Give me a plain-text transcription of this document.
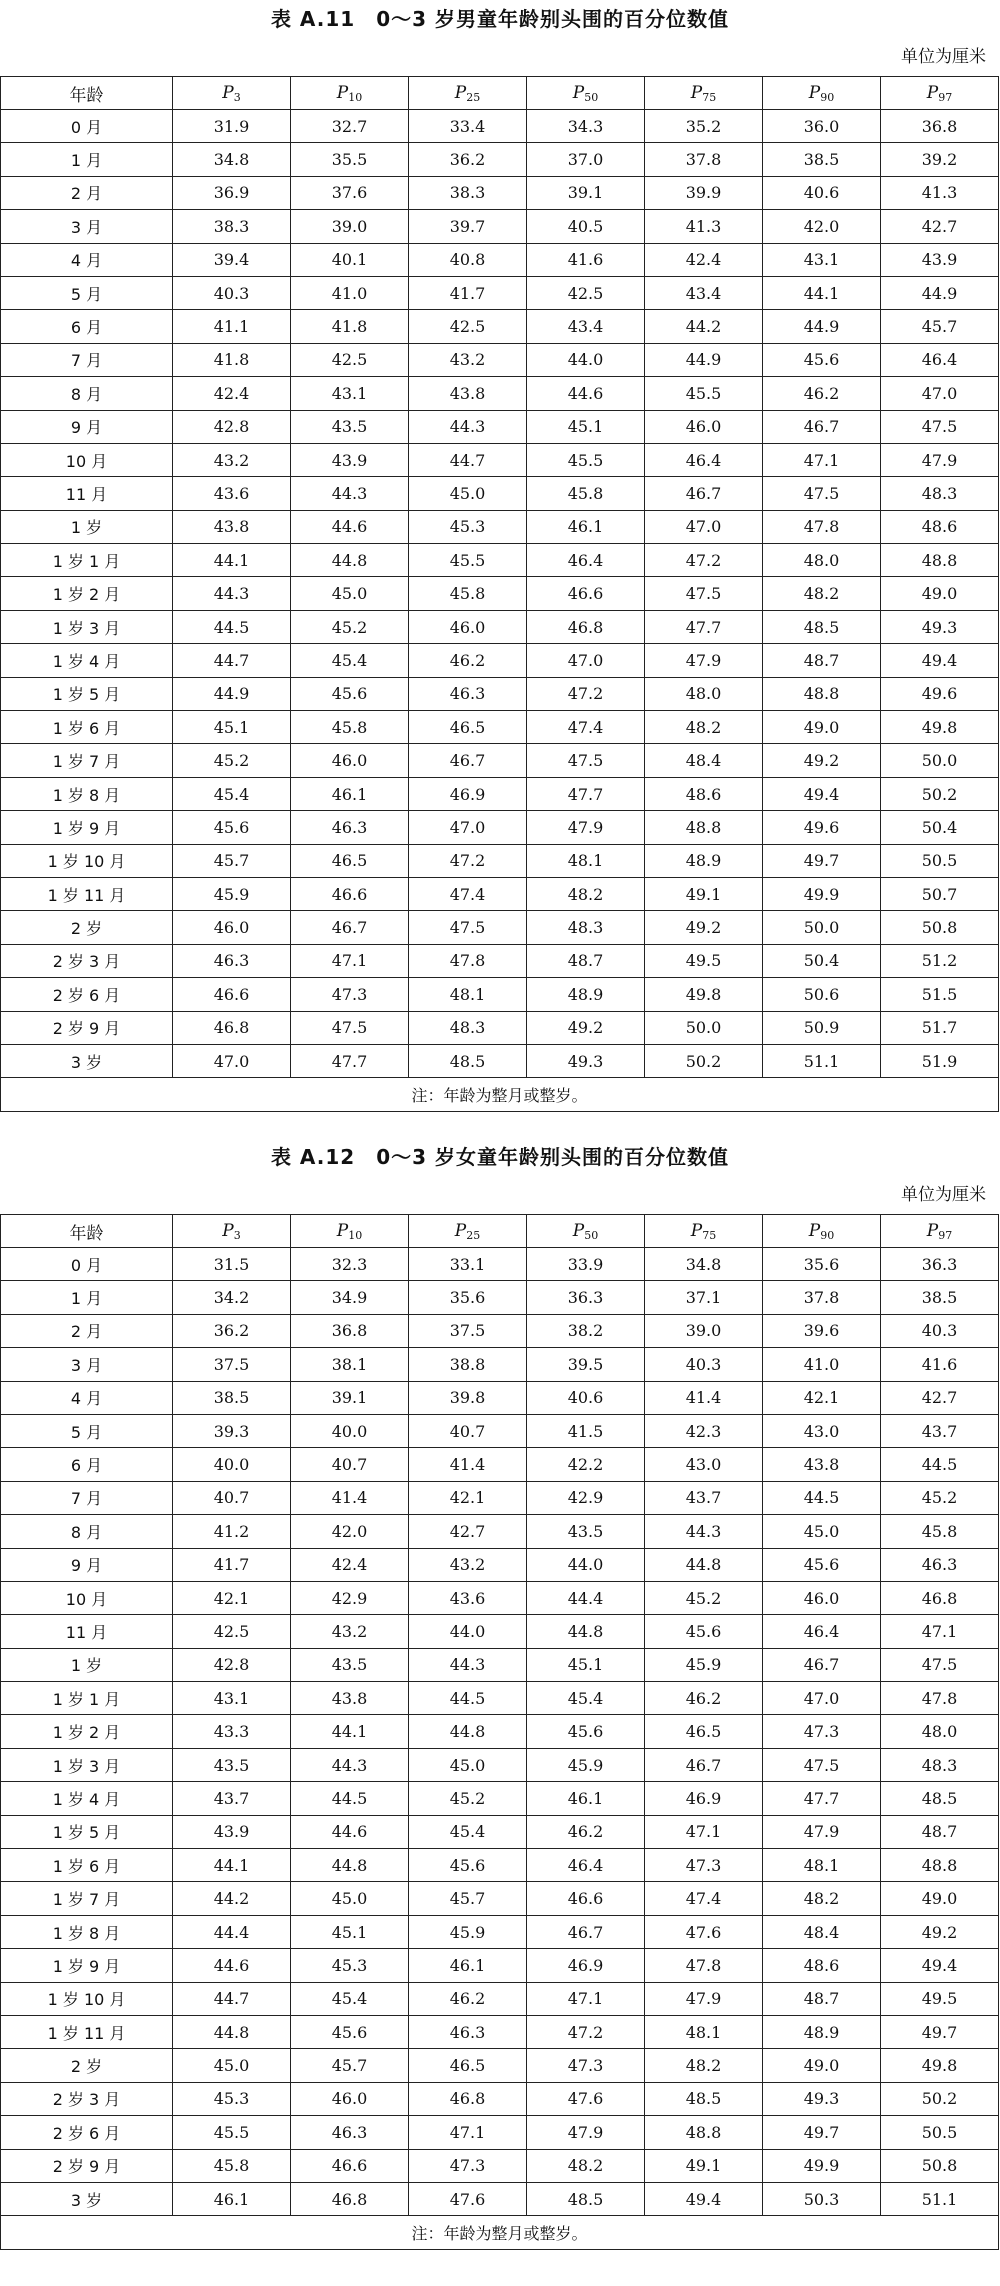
表 A.11　0～3 岁男童年龄别头围的百分位数值
单位为厘米
年龄	$P_3$	$P_{10}$	$P_{25}$	$P_{50}$	$P_{75}$	$P_{90}$	$P_{97}$
0 月	31.9	32.7	33.4	34.3	35.2	36.0	36.8
1 月	34.8	35.5	36.2	37.0	37.8	38.5	39.2
2 月	36.9	37.6	38.3	39.1	39.9	40.6	41.3
3 月	38.3	39.0	39.7	40.5	41.3	42.0	42.7
4 月	39.4	40.1	40.8	41.6	42.4	43.1	43.9
5 月	40.3	41.0	41.7	42.5	43.4	44.1	44.9
6 月	41.1	41.8	42.5	43.4	44.2	44.9	45.7
7 月	41.8	42.5	43.2	44.0	44.9	45.6	46.4
8 月	42.4	43.1	43.8	44.6	45.5	46.2	47.0
9 月	42.8	43.5	44.3	45.1	46.0	46.7	47.5
10 月	43.2	43.9	44.7	45.5	46.4	47.1	47.9
11 月	43.6	44.3	45.0	45.8	46.7	47.5	48.3
1 岁	43.8	44.6	45.3	46.1	47.0	47.8	48.6
1 岁 1 月	44.1	44.8	45.5	46.4	47.2	48.0	48.8
1 岁 2 月	44.3	45.0	45.8	46.6	47.5	48.2	49.0
1 岁 3 月	44.5	45.2	46.0	46.8	47.7	48.5	49.3
1 岁 4 月	44.7	45.4	46.2	47.0	47.9	48.7	49.4
1 岁 5 月	44.9	45.6	46.3	47.2	48.0	48.8	49.6
1 岁 6 月	45.1	45.8	46.5	47.4	48.2	49.0	49.8
1 岁 7 月	45.2	46.0	46.7	47.5	48.4	49.2	50.0
1 岁 8 月	45.4	46.1	46.9	47.7	48.6	49.4	50.2
1 岁 9 月	45.6	46.3	47.0	47.9	48.8	49.6	50.4
1 岁 10 月	45.7	46.5	47.2	48.1	48.9	49.7	50.5
1 岁 11 月	45.9	46.6	47.4	48.2	49.1	49.9	50.7
2 岁	46.0	46.7	47.5	48.3	49.2	50.0	50.8
2 岁 3 月	46.3	47.1	47.8	48.7	49.5	50.4	51.2
2 岁 6 月	46.6	47.3	48.1	48.9	49.8	50.6	51.5
2 岁 9 月	46.8	47.5	48.3	49.2	50.0	50.9	51.7
3 岁	47.0	47.7	48.5	49.3	50.2	51.1	51.9
注：年龄为整月或整岁。							
表 A.12　0～3 岁女童年龄别头围的百分位数值
单位为厘米
年龄	$P_3$	$P_{10}$	$P_{25}$	$P_{50}$	$P_{75}$	$P_{90}$	$P_{97}$
0 月	31.5	32.3	33.1	33.9	34.8	35.6	36.3
1 月	34.2	34.9	35.6	36.3	37.1	37.8	38.5
2 月	36.2	36.8	37.5	38.2	39.0	39.6	40.3
3 月	37.5	38.1	38.8	39.5	40.3	41.0	41.6
4 月	38.5	39.1	39.8	40.6	41.4	42.1	42.7
5 月	39.3	40.0	40.7	41.5	42.3	43.0	43.7
6 月	40.0	40.7	41.4	42.2	43.0	43.8	44.5
7 月	40.7	41.4	42.1	42.9	43.7	44.5	45.2
8 月	41.2	42.0	42.7	43.5	44.3	45.0	45.8
9 月	41.7	42.4	43.2	44.0	44.8	45.6	46.3
10 月	42.1	42.9	43.6	44.4	45.2	46.0	46.8
11 月	42.5	43.2	44.0	44.8	45.6	46.4	47.1
1 岁	42.8	43.5	44.3	45.1	45.9	46.7	47.5
1 岁 1 月	43.1	43.8	44.5	45.4	46.2	47.0	47.8
1 岁 2 月	43.3	44.1	44.8	45.6	46.5	47.3	48.0
1 岁 3 月	43.5	44.3	45.0	45.9	46.7	47.5	48.3
1 岁 4 月	43.7	44.5	45.2	46.1	46.9	47.7	48.5
1 岁 5 月	43.9	44.6	45.4	46.2	47.1	47.9	48.7
1 岁 6 月	44.1	44.8	45.6	46.4	47.3	48.1	48.8
1 岁 7 月	44.2	45.0	45.7	46.6	47.4	48.2	49.0
1 岁 8 月	44.4	45.1	45.9	46.7	47.6	48.4	49.2
1 岁 9 月	44.6	45.3	46.1	46.9	47.8	48.6	49.4
1 岁 10 月	44.7	45.4	46.2	47.1	47.9	48.7	49.5
1 岁 11 月	44.8	45.6	46.3	47.2	48.1	48.9	49.7
2 岁	45.0	45.7	46.5	47.3	48.2	49.0	49.8
2 岁 3 月	45.3	46.0	46.8	47.6	48.5	49.3	50.2
2 岁 6 月	45.5	46.3	47.1	47.9	48.8	49.7	50.5
2 岁 9 月	45.8	46.6	47.3	48.2	49.1	49.9	50.8
3 岁	46.1	46.8	47.6	48.5	49.4	50.3	51.1
注：年龄为整月或整岁。							
